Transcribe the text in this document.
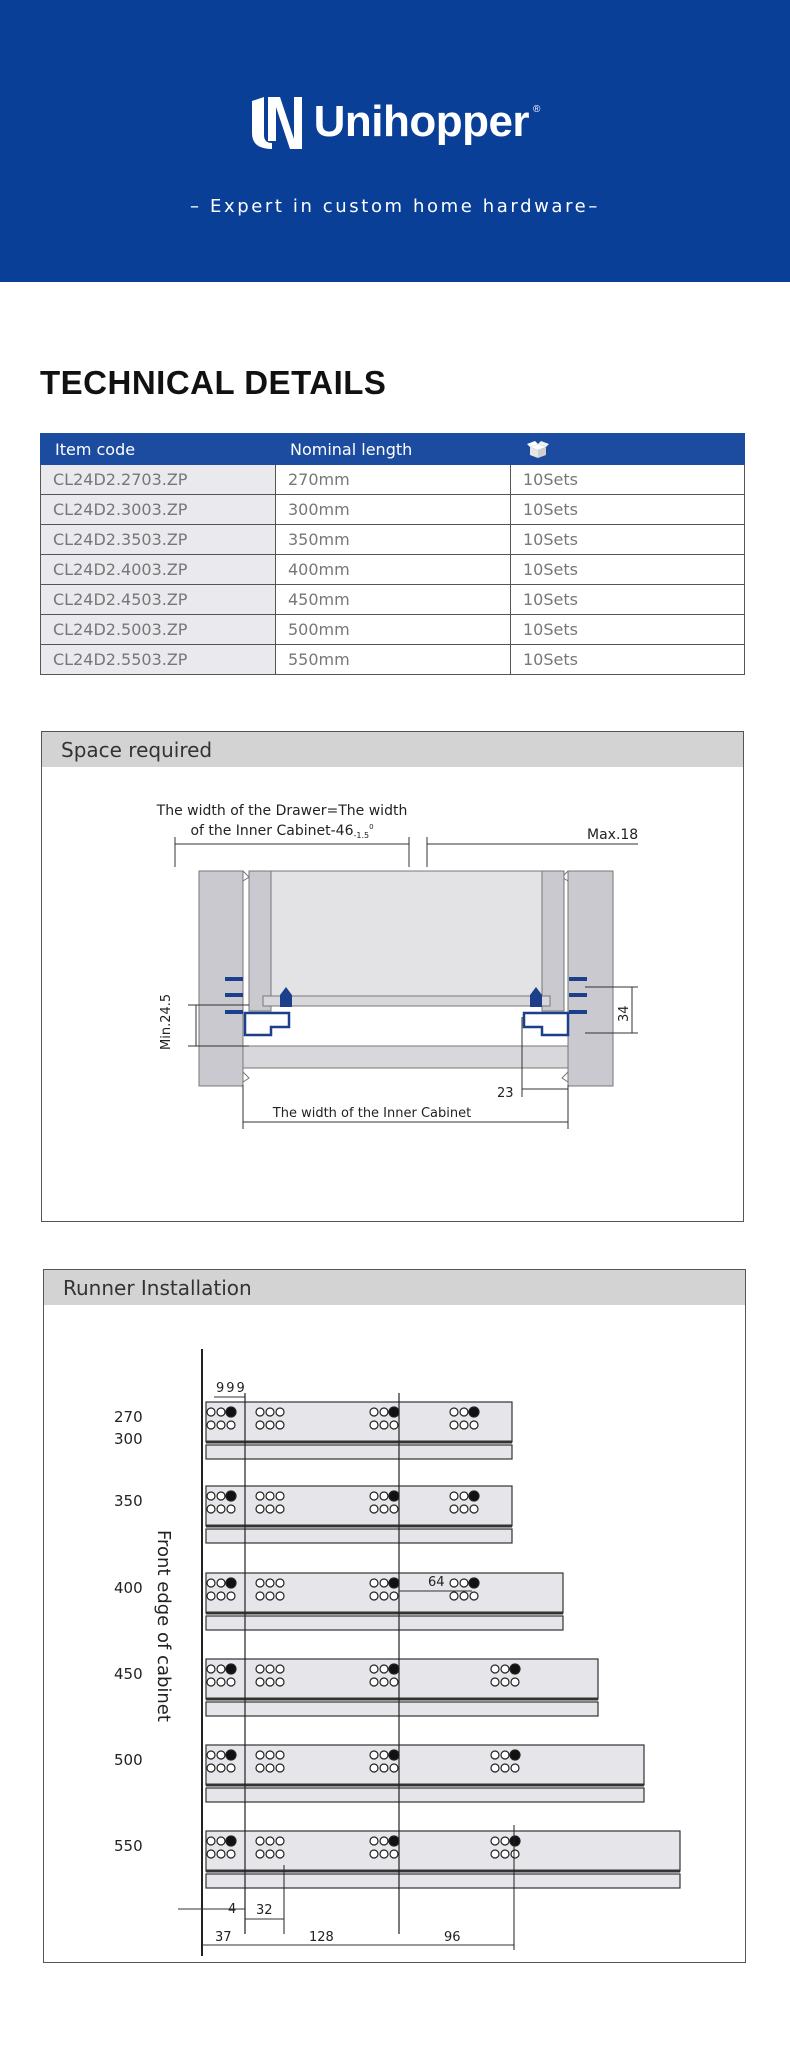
Unihopper ®
– Expert in custom home hardware–
TECHNICAL DETAILS
Item code	Nominal length	
CL24D2.2703.ZP	270mm	10Sets
CL24D2.3003.ZP	300mm	10Sets
CL24D2.3503.ZP	350mm	10Sets
CL24D2.4003.ZP	400mm	10Sets
CL24D2.4503.ZP	450mm	10Sets
CL24D2.5003.ZP	500mm	10Sets
CL24D2.5503.ZP	550mm	10Sets
Space required
The width of the Drawer=The width
of the Inner Cabinet-$46_{-1.5}^0$	Max.18
Min.24.5	34
23
The width of the Inner Cabinet
Runner Installation
Front edge of cabinet
999
270
300
350
400
450
500
550
64
4 32
37	128	96
